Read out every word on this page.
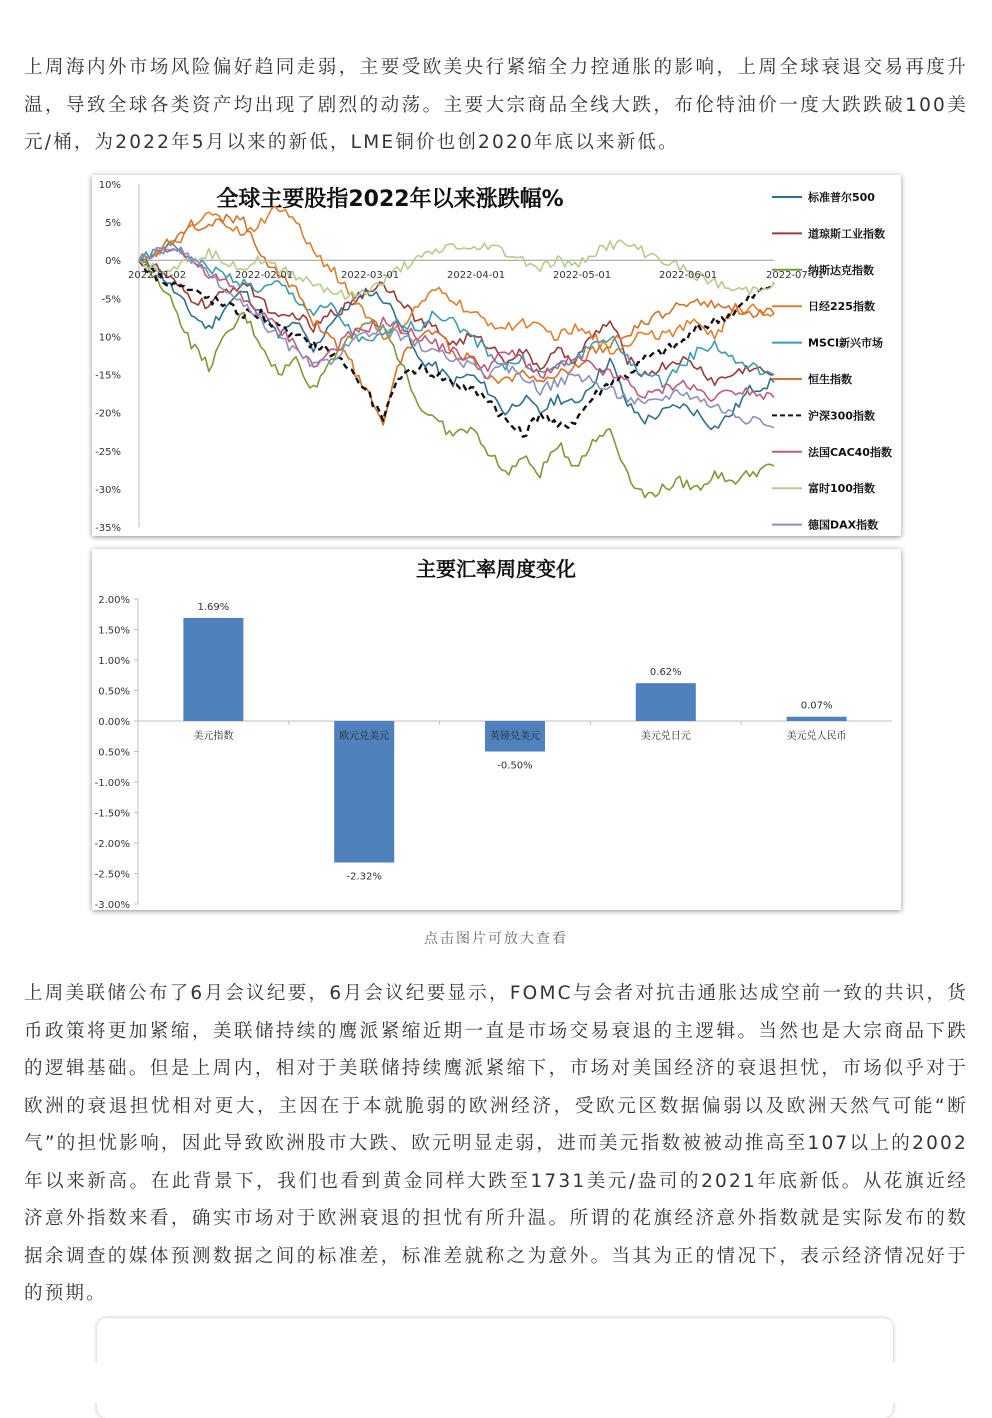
上周海内外市场风险偏好趋同走弱，主要受欧美央行紧缩全力控通胀的影响，上周全球衰退交易再度升温，导致全球各类资产均出现了剧烈的动荡。主要大宗商品全线大跌，布伦特油价一度大跌跌破100美元/桶，为2022年5月以来的新低，LME铜价也创2020年底以来新低。

全球主要股指2022年以来涨跌幅%
10%
5%
0%
-5%
10%
-15%
-20%
-25%
-30%
-35%
2022-01-02	2022-02-01	2022-03-01	2022-04-01	2022-05-01	2022-06-01	2022-07-01
标准普尔500
道琼斯工业指数
纳斯达克指数
日经225指数
MSCI新兴市场
恒生指数
沪深300指数
法国CAC40指数
富时100指数
德国DAX指数
主要汇率周度变化
2.00%
1.50%
1.00%
0.50%
0.00%
0.50%
-1.00%
-1.50%
-2.00%
-2.50%
-3.00%
1.69%
美元指数
-2.32%
欧元兑美元
-0.50%
英镑兑美元
0.62%
美元兑日元
0.07%
美元兑人民币
点击图片可放大查看

上周美联储公布了6月会议纪要，6月会议纪要显示，FOMC与会者对抗击通胀达成空前一致的共识，货币政策将更加紧缩，美联储持续的鹰派紧缩近期一直是市场交易衰退的主逻辑。当然也是大宗商品下跌的逻辑基础。但是上周内，相对于美联储持续鹰派紧缩下，市场对美国经济的衰退担忧，市场似乎对于欧洲的衰退担忧相对更大，主因在于本就脆弱的欧洲经济，受欧元区数据偏弱以及欧洲天然气可能“断气”的担忧影响，因此导致欧洲股市大跌、欧元明显走弱，进而美元指数被被动推高至107以上的2002年以来新高。在此背景下，我们也看到黄金同样大跌至1731美元/盎司的2021年底新低。从花旗近经济意外指数来看，确实市场对于欧洲衰退的担忧有所升温。所谓的花旗经济意外指数就是实际发布的数据余调查的媒体预测数据之间的标准差，标准差就称之为意外。当其为正的情况下，表示经济情况好于的预期。
